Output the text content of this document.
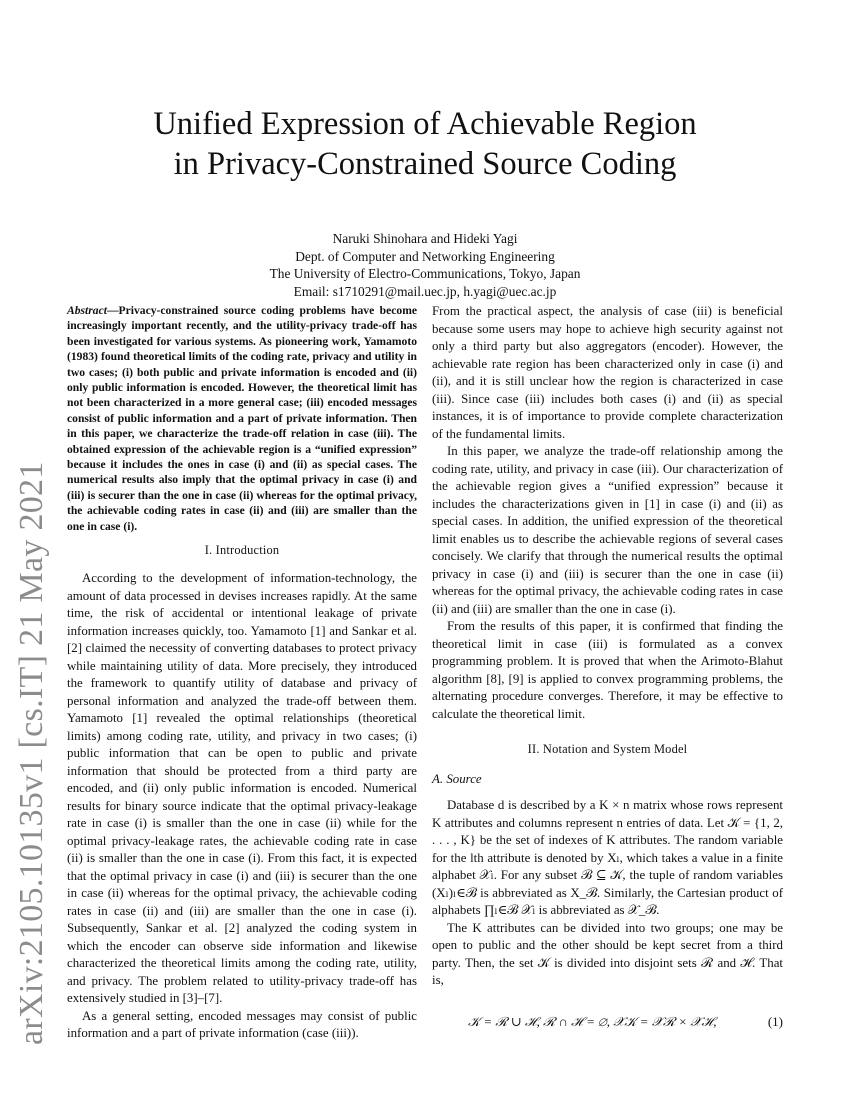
Unified Expression of Achievable Region
in Privacy-Constrained Source Coding
Naruki Shinohara and Hideki Yagi
Dept. of Computer and Networking Engineering
The University of Electro-Communications, Tokyo, Japan
Email: s1710291@mail.uec.jp, h.yagi@uec.ac.jp
arXiv:2105.10135v1 [cs.IT] 21 May 2021
Abstract—Privacy-constrained source coding problems have become increasingly important recently, and the utility-privacy trade-off has been investigated for various systems. As pioneering work, Yamamoto (1983) found theoretical limits of the coding rate, privacy and utility in two cases; (i) both public and private information is encoded and (ii) only public information is encoded. However, the theoretical limit has not been characterized in a more general case; (iii) encoded messages consist of public information and a part of private information. Then in this paper, we characterize the trade-off relation in case (iii). The obtained expression of the achievable region is a “unified expression” because it includes the ones in case (i) and (ii) as special cases. The numerical results also imply that the optimal privacy in case (i) and (iii) is securer than the one in case (ii) whereas for the optimal privacy, the achievable coding rates in case (ii) and (iii) are smaller than the one in case (i).
I. Introduction

According to the development of information-technology, the amount of data processed in devises increases rapidly. At the same time, the risk of accidental or intentional leakage of private information increases quickly, too. Yamamoto [1] and Sankar et al. [2] claimed the necessity of converting databases to protect privacy while maintaining utility of data. More precisely, they introduced the framework to quantify utility of database and privacy of personal information and analyzed the trade-off between them. Yamamoto [1] revealed the optimal relationships (theoretical limits) among coding rate, utility, and privacy in two cases; (i) public information that can be open to public and private information that should be protected from a third party are encoded, and (ii) only public information is encoded. Numerical results for binary source indicate that the optimal privacy-leakage rate in case (i) is smaller than the one in case (ii) while for the optimal privacy-leakage rates, the achievable coding rate in case (ii) is smaller than the one in case (i). From this fact, it is expected that the optimal privacy in case (i) and (iii) is securer than the one in case (ii) whereas for the optimal privacy, the achievable coding rates in case (ii) and (iii) are smaller than the one in case (i). Subsequently, Sankar et al. [2] analyzed the coding system in which the encoder can observe side information and likewise characterized the theoretical limits among the coding rate, utility, and privacy. The problem related to utility-privacy trade-off has extensively studied in [3]–[7].

As a general setting, encoded messages may consist of public information and a part of private information (case (iii)).

From the practical aspect, the analysis of case (iii) is beneficial because some users may hope to achieve high security against not only a third party but also aggregators (encoder). However, the achievable rate region has been characterized only in case (i) and (ii), and it is still unclear how the region is characterized in case (iii). Since case (iii) includes both cases (i) and (ii) as special instances, it is of importance to provide complete characterization of the fundamental limits.

In this paper, we analyze the trade-off relationship among the coding rate, utility, and privacy in case (iii). Our characterization of the achievable region gives a “unified expression” because it includes the characterizations given in [1] in case (i) and (ii) as special cases. In addition, the unified expression of the theoretical limit enables us to describe the achievable regions of several cases concisely. We clarify that through the numerical results the optimal privacy in case (i) and (iii) is securer than the one in case (ii) whereas for the optimal privacy, the achievable coding rates in case (ii) and (iii) are smaller than the one in case (i).

From the results of this paper, it is confirmed that finding the theoretical limit in case (iii) is formulated as a convex programming problem. It is proved that when the Arimoto-Blahut algorithm [8], [9] is applied to convex programming problems, the alternating procedure converges. Therefore, it may be effective to calculate the theoretical limit.

II. Notation and System Model
A. Source

Database d is described by a K × n matrix whose rows represent K attributes and columns represent n entries of data. Let 𝒦 = {1, 2, . . . , K} be the set of indexes of K attributes. The random variable for the lth attribute is denoted by Xₗ, which takes a value in a finite alphabet 𝒳ₗ. For any subset ℬ ⊆ 𝒦, the tuple of random variables (Xₗ)ₗ∈ℬ is abbreviated as X_ℬ. Similarly, the Cartesian product of alphabets ∏ₗ∈ℬ 𝒳ₗ is abbreviated as 𝒳_ℬ.

The K attributes can be divided into two groups; one may be open to public and the other should be kept secret from a third party. Then, the set 𝒦 is divided into disjoint sets ℛ and ℋ. That is,

𝒦 = ℛ ∪ ℋ, ℛ ∩ ℋ = ∅, 𝒳𝒦 = 𝒳ℛ × 𝒳ℋ,	(1)
